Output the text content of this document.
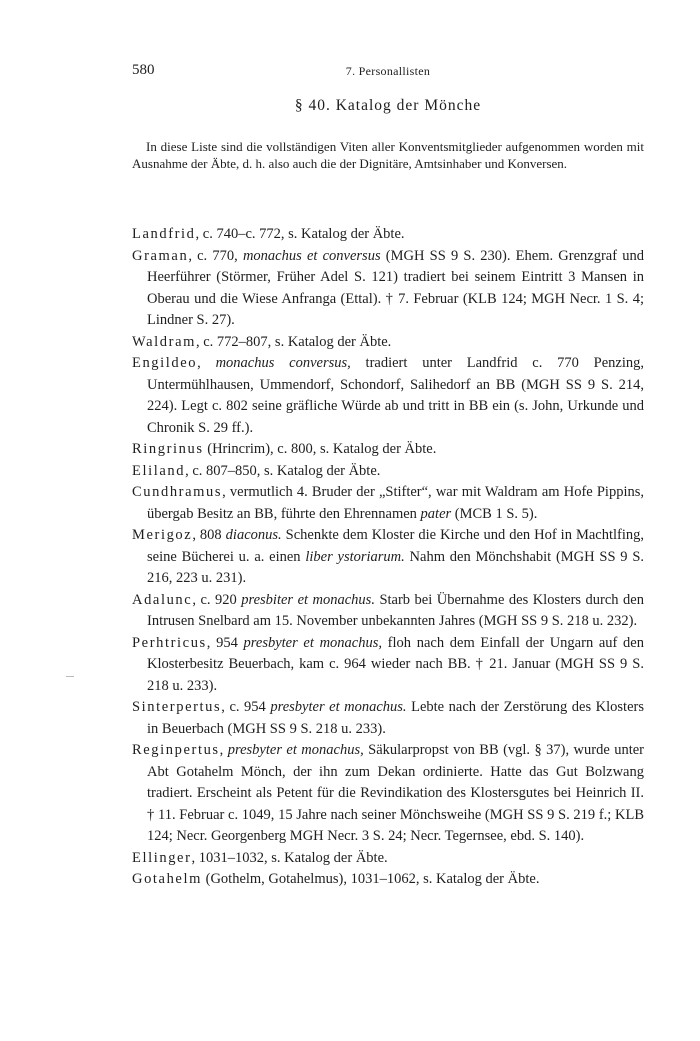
580	7. Personallisten
§ 40. Katalog der Mönche

In diese Liste sind die vollständigen Viten aller Konventsmitglieder aufgenommen worden mit Ausnahme der Äbte, d. h. also auch die der Dignitäre, Amtsinhaber und Konversen.

Landfrid, c. 740–c. 772, s. Katalog der Äbte.

Graman, c. 770, monachus et conversus (MGH SS 9 S. 230). Ehem. Grenzgraf und Heerführer (Störmer, Früher Adel S. 121) tradiert bei seinem Eintritt 3 Mansen in Oberau und die Wiese Anfranga (Ettal). † 7. Februar (KLB 124; MGH Necr. 1 S. 4; Lindner S. 27).

Waldram, c. 772–807, s. Katalog der Äbte.

Engildeo, monachus conversus, tradiert unter Landfrid c. 770 Penzing, Untermühlhausen, Ummendorf, Schondorf, Salihedorf an BB (MGH SS 9 S. 214, 224). Legt c. 802 seine gräfliche Würde ab und tritt in BB ein (s. John, Urkunde und Chronik S. 29 ff.).

Ringrinus (Hrincrim), c. 800, s. Katalog der Äbte.

Eliland, c. 807–850, s. Katalog der Äbte.

Cundhramus, vermutlich 4. Bruder der „Stifter“, war mit Waldram am Hofe Pippins, übergab Besitz an BB, führte den Ehrennamen pater (MCB 1 S. 5).

Merigoz, 808 diaconus. Schenkte dem Kloster die Kirche und den Hof in Machtlfing, seine Bücherei u. a. einen liber ystoriarum. Nahm den Mönchshabit (MGH SS 9 S. 216, 223 u. 231).

Adalunc, c. 920 presbiter et monachus. Starb bei Übernahme des Klosters durch den Intrusen Snelbard am 15. November unbekannten Jahres (MGH SS 9 S. 218 u. 232).

Perhtricus, 954 presbyter et monachus, floh nach dem Einfall der Ungarn auf den Klosterbesitz Beuerbach, kam c. 964 wieder nach BB. † 21. Januar (MGH SS 9 S. 218 u. 233).

Sinterpertus, c. 954 presbyter et monachus. Lebte nach der Zerstörung des Klosters in Beuerbach (MGH SS 9 S. 218 u. 233).

Reginpertus, presbyter et monachus, Säkularpropst von BB (vgl. § 37), wurde unter Abt Gotahelm Mönch, der ihn zum Dekan ordinierte. Hatte das Gut Bolzwang tradiert. Erscheint als Petent für die Revindikation des Klostersgutes bei Heinrich II. † 11. Februar c. 1049, 15 Jahre nach seiner Mönchsweihe (MGH SS 9 S. 219 f.; KLB 124; Necr. Georgenberg MGH Necr. 3 S. 24; Necr. Tegernsee, ebd. S. 140).

Ellinger, 1031–1032, s. Katalog der Äbte.

Gotahelm (Gothelm, Gotahelmus), 1031–1062, s. Katalog der Äbte.
